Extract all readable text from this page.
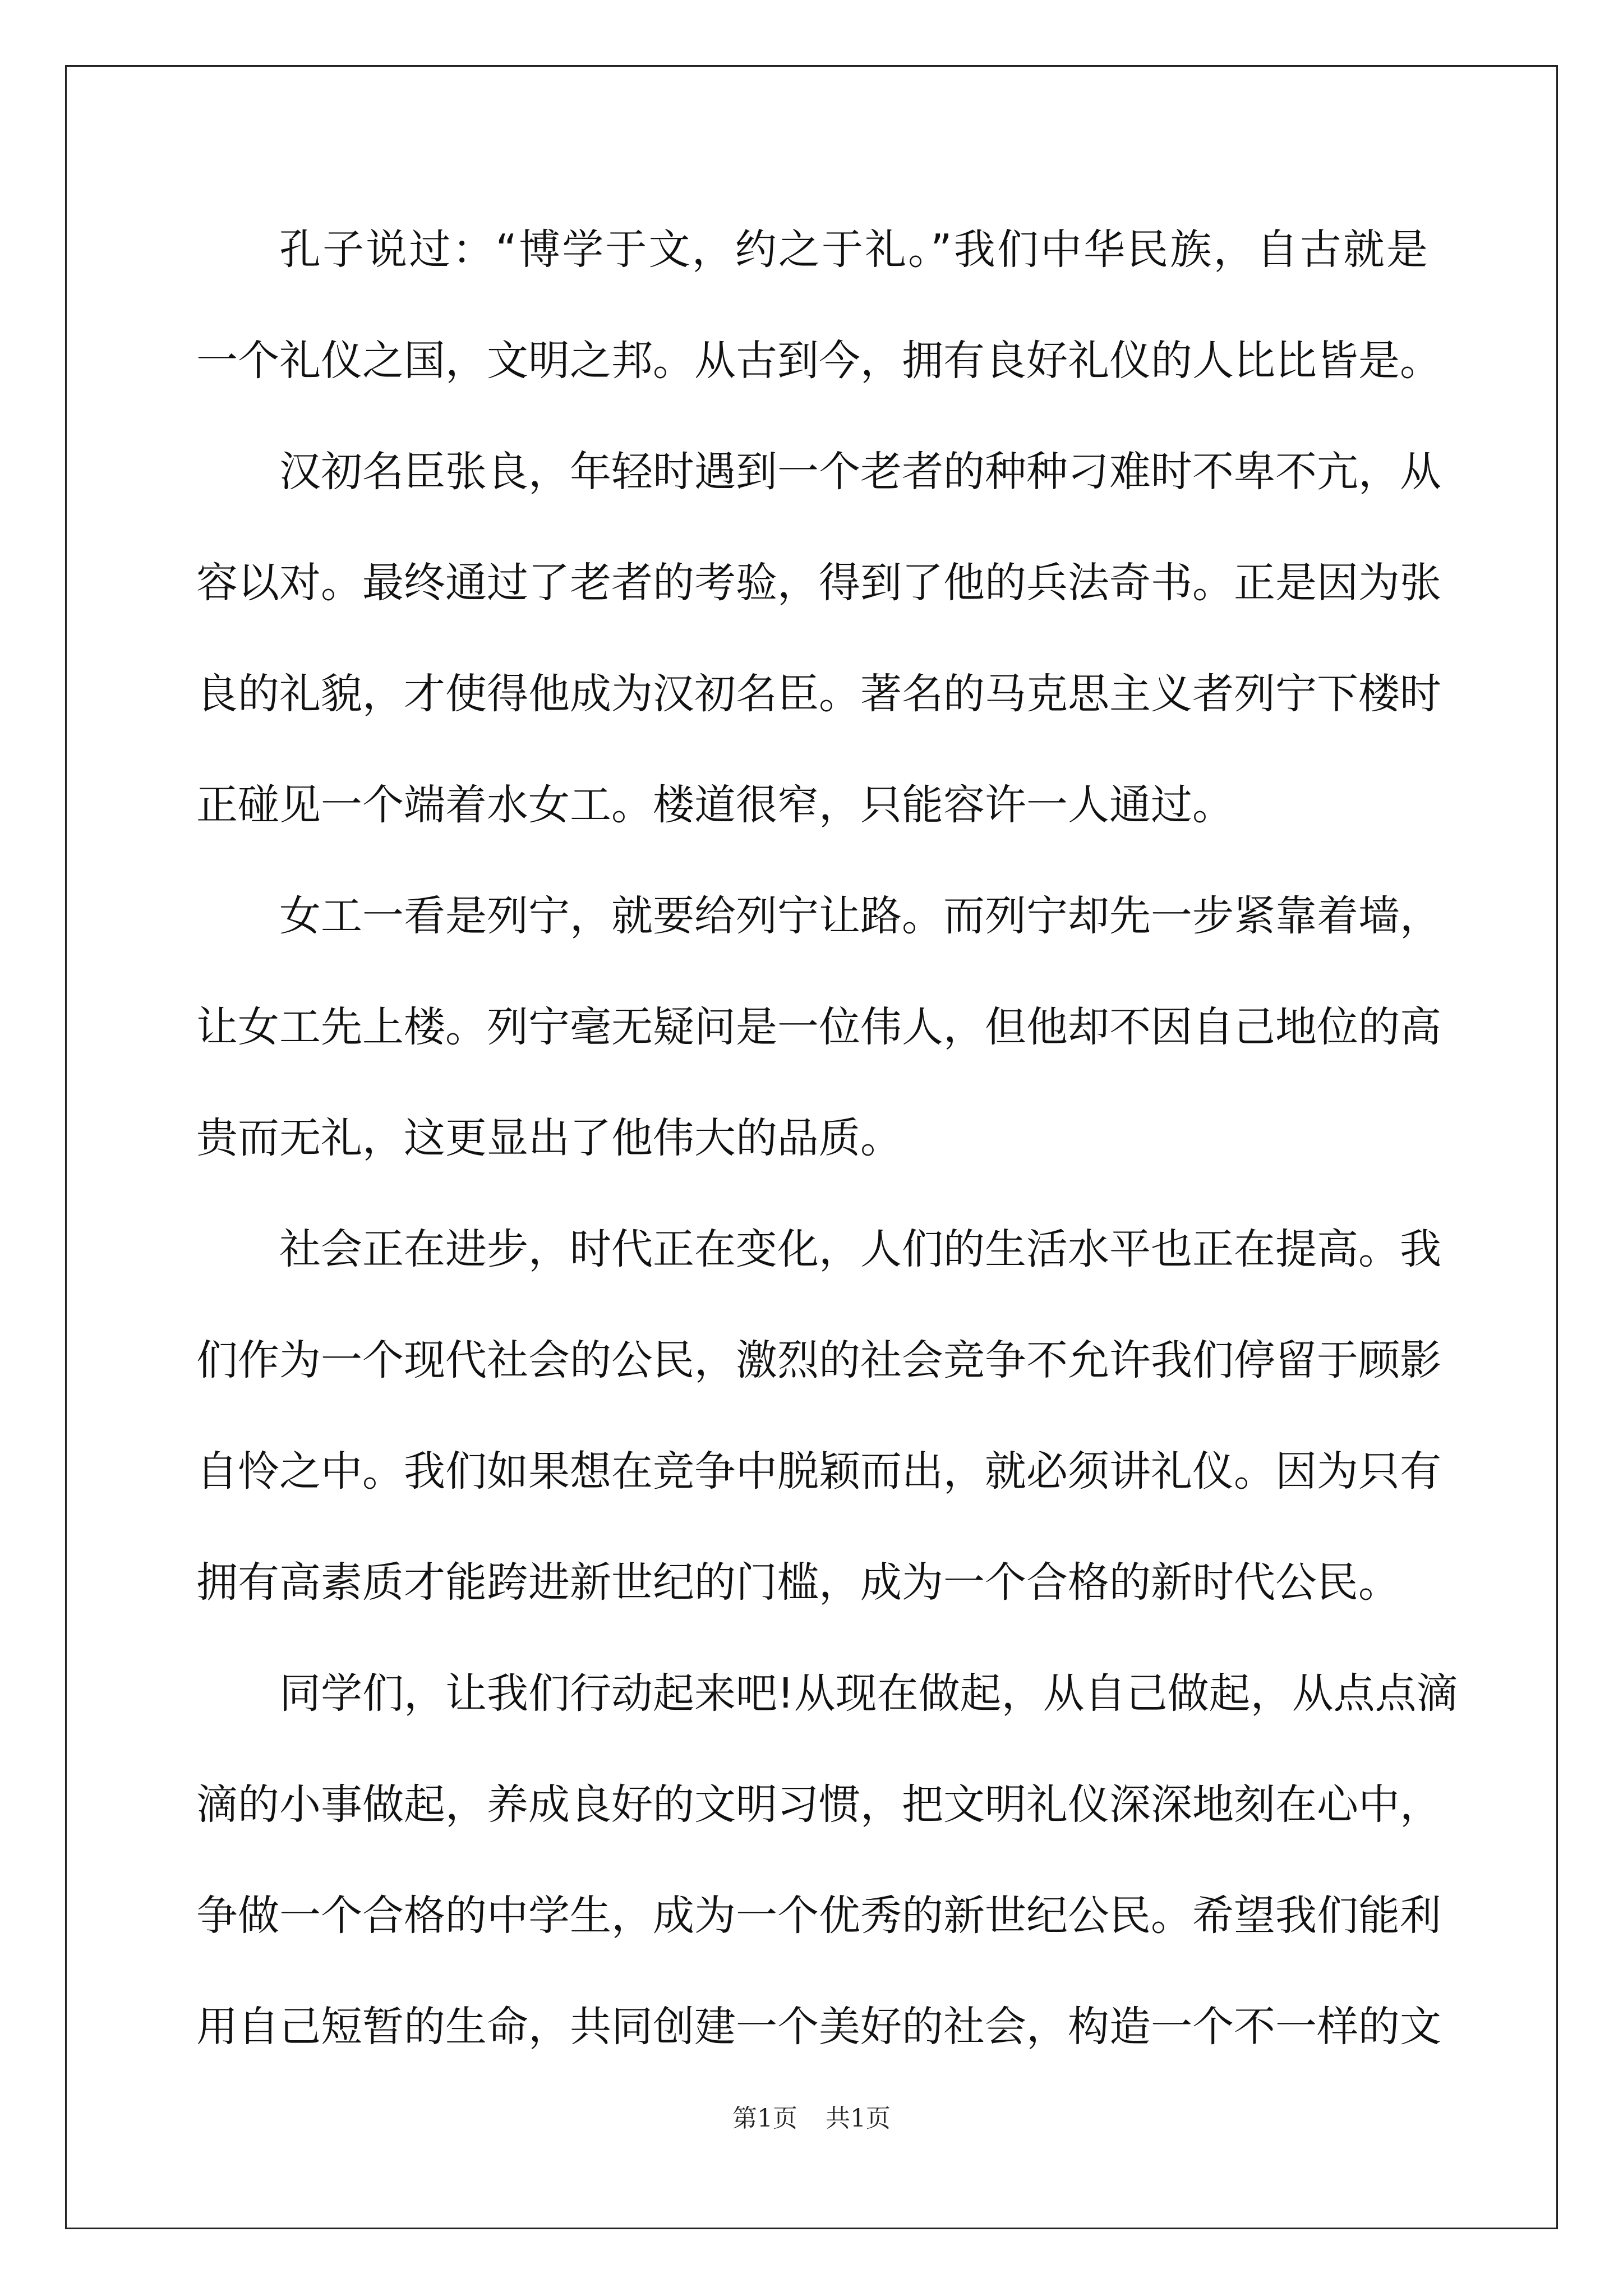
孔子说过：“博学于文，约之于礼。”我们中华民族，自古就是
一个礼仪之国，文明之邦。从古到今，拥有良好礼仪的人比比皆是。
汉初名臣张良，年轻时遇到一个老者的种种刁难时不卑不亢，从
容以对。最终通过了老者的考验，得到了他的兵法奇书。正是因为张
良的礼貌，才使得他成为汉初名臣。著名的马克思主义者列宁下楼时
正碰见一个端着水女工。楼道很窄，只能容许一人通过。
女工一看是列宁，就要给列宁让路。而列宁却先一步紧靠着墙，
让女工先上楼。列宁毫无疑问是一位伟人，但他却不因自己地位的高
贵而无礼，这更显出了他伟大的品质。
社会正在进步，时代正在变化，人们的生活水平也正在提高。我
们作为一个现代社会的公民，激烈的社会竞争不允许我们停留于顾影
自怜之中。我们如果想在竞争中脱颖而出，就必须讲礼仪。因为只有
拥有高素质才能跨进新世纪的门槛，成为一个合格的新时代公民。
同学们，让我们行动起来吧!从现在做起，从自己做起，从点点滴
滴的小事做起，养成良好的文明习惯，把文明礼仪深深地刻在心中，
争做一个合格的中学生，成为一个优秀的新世纪公民。希望我们能利
用自己短暂的生命，共同创建一个美好的社会，构造一个不一样的文
第1页 共1页
